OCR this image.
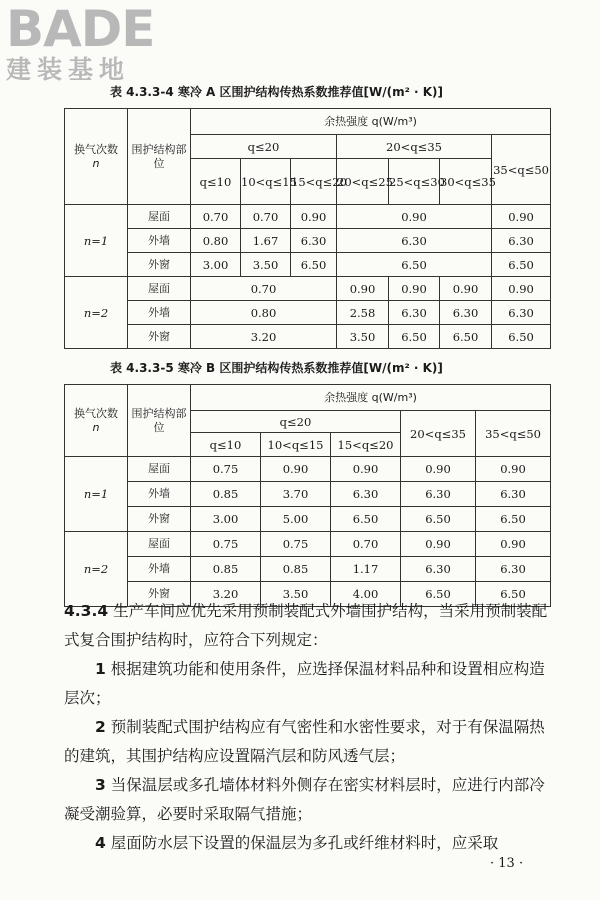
BADE
建装基地
表 4.3.3-4 寒冷 A 区围护结构传热系数推荐值[W/(m² · K)]
换气次数
n	围护结构部位	余热强度 q(W/m³)						
		q≤20			20<q≤35			35<q≤50
		q≤10	10<q≤15	15<q≤20	20<q≤25	25<q≤30	30<q≤35	
n=1	屋面	0.70	0.70	0.90	0.90			0.90
	外墙	0.80	1.67	6.30	6.30			6.30
	外窗	3.00	3.50	6.50	6.50			6.50
n=2	屋面	0.70			0.90	0.90	0.90	0.90
	外墙	0.80			2.58	6.30	6.30	6.30
	外窗	3.20			3.50	6.50	6.50	6.50
表 4.3.3-5 寒冷 B 区围护结构传热系数推荐值[W/(m² · K)]
换气次数
n	围护结构部位	余热强度 q(W/m³)				
		q≤20			20<q≤35	35<q≤50
		q≤10	10<q≤15	15<q≤20		
n=1	屋面	0.75	0.90	0.90	0.90	0.90
	外墙	0.85	3.70	6.30	6.30	6.30
	外窗	3.00	5.00	6.50	6.50	6.50
n=2	屋面	0.75	0.75	0.70	0.90	0.90
	外墙	0.85	0.85	1.17	6.30	6.30
	外窗	3.20	3.50	4.00	6.50	6.50
4.3.4 生产车间应优先采用预制装配式外墙围护结构，当采用预制装配式复合围护结构时，应符合下列规定：
1 根据建筑功能和使用条件，应选择保温材料品种和设置相应构造层次；
2 预制装配式围护结构应有气密性和水密性要求，对于有保温隔热的建筑，其围护结构应设置隔汽层和防风透气层；
3 当保温层或多孔墙体材料外侧存在密实材料层时，应进行内部冷凝受潮验算，必要时采取隔气措施；
4 屋面防水层下设置的保温层为多孔或纤维材料时，应采取
· 13 ·
